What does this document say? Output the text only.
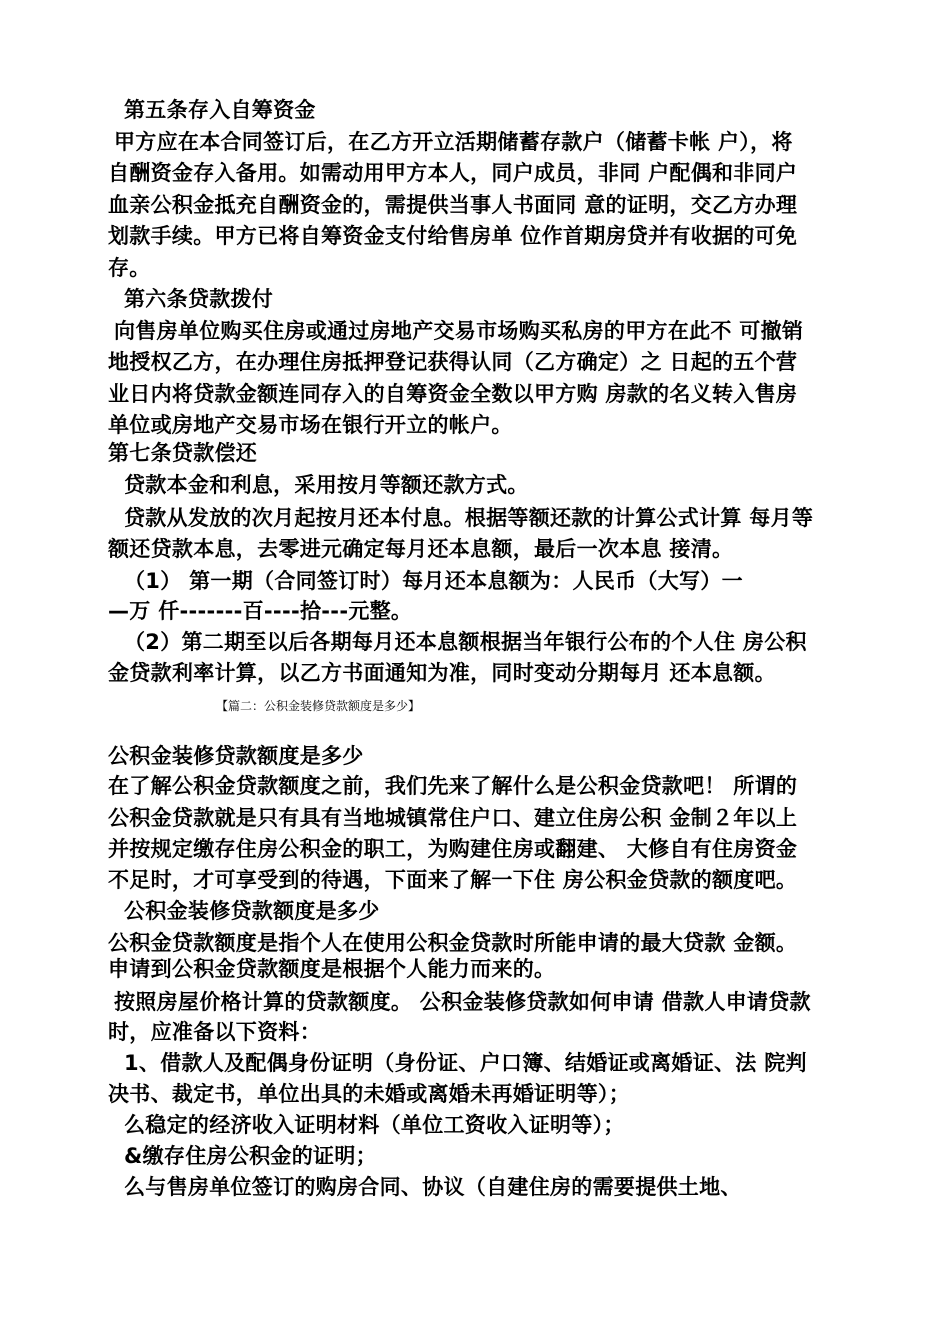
第五条存入自筹资金
甲方应在本合同签订后，在乙方开立活期储蓄存款户（储蓄卡帐 户），将
自酬资金存入备用。如需动用甲方本人，同户成员，非同 户配偶和非同户
血亲公积金抵充自酬资金的，需提供当事人书面同 意的证明，交乙方办理
划款手续。甲方已将自筹资金支付给售房单 位作首期房贷并有收据的可免
存。
第六条贷款拨付
向售房单位购买住房或通过房地产交易市场购买私房的甲方在此不 可撤销
地授权乙方，在办理住房抵押登记获得认同（乙方确定）之 日起的五个营
业日内将贷款金额连同存入的自筹资金全数以甲方购 房款的名义转入售房
单位或房地产交易市场在银行开立的帐户。
第七条贷款偿还
贷款本金和利息，采用按月等额还款方式。
贷款从发放的次月起按月还本付息。根据等额还款的计算公式计算 每月等
额还贷款本息，去零进元确定每月还本息额，最后一次本息 接清。
（1） 第一期（合同签订时）每月还本息额为：人民币（大写）一
—万 仟-------百----拾---元整。
（2）第二期至以后各期每月还本息额根据当年银行公布的个人住 房公积
金贷款利率计算，以乙方书面通知为准，同时变动分期每月 还本息额。
【篇二：公积金装修贷款额度是多少】
公积金装修贷款额度是多少
在了解公积金贷款额度之前，我们先来了解什么是公积金贷款吧！ 所谓的
公积金贷款就是只有具有当地城镇常住户口、建立住房公积 金制２年以上
并按规定缴存住房公积金的职工，为购建住房或翻建、 大修自有住房资金
不足时，才可享受到的待遇，下面来了解一下住 房公积金贷款的额度吧。
公积金装修贷款额度是多少
公积金贷款额度是指个人在使用公积金贷款时所能申请的最大贷款 金额。
申请到公积金贷款额度是根据个人能力而来的。
按照房屋价格计算的贷款额度。 公积金装修贷款如何申请 借款人申请贷款
时，应准备以下资料：
1、借款人及配偶身份证明（身份证、户口簿、结婚证或离婚证、法 院判
决书、裁定书，单位出具的未婚或离婚未再婚证明等）；
么稳定的经济收入证明材料（单位工资收入证明等）；
&缴存住房公积金的证明；
么与售房单位签订的购房合同、协议（自建住房的需要提供土地、
